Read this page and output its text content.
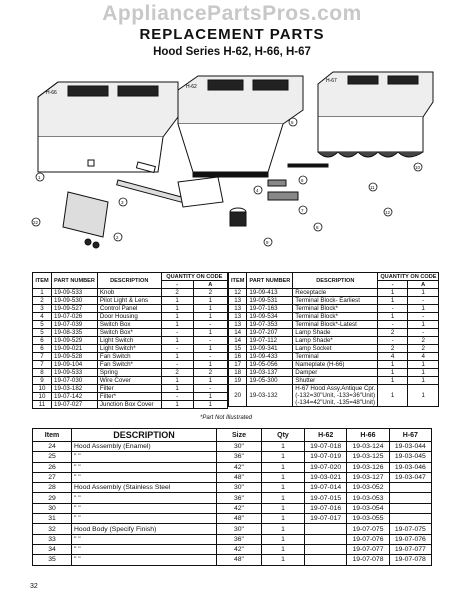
AppliancePartsPros.com
REPLACEMENT PARTS
Hood Series H-62, H-66, H-67
H-66
H-62
H-67
1
2
3
4
5
6
7
8
9
10
11
12
22
ITEM	PART NUMBER	DESCRIPTION	QUANTITY ON CODE	
			-	A
1	19-09-533	Knob	2	2
2	19-09-530	Pilot Light & Lens	1	1
3	19-09-527	Control Panel	1	1
4	19-07-026	Door Housing	1	1
5	19-07-039	Switch Box	1	-
5	19-08-335	Switch Box*	-	1
6	19-09-529	Light Switch	1	-
6	19-09-021	Light Switch*	-	1
7	19-09-528	Fan Switch	1	-
7	19-09-104	Fan Switch*	-	1
8	19-09-533	Spring	2	2
9	19-07-030	Wire Cover	1	1
10	19-03-182	Filter	1	-
10	19-07-142	Filter*	-	1
11	19-07-027	Junction Box Cover	1	1
ITEM	PART NUMBER	DESCRIPTION	QUANTITY ON CODE	
			-	A
12	19-09-413	Receptacle	1	1
13	19-09-531	Terminal Block- Earliest	1	-
13	19-07-163	Terminal Block*	-	1
13	19-09-534	Terminal Block*	1	-
13	19-07-353	Terminal Block*-Latest	-	1
14	19-07-207	Lamp Shade	2	-
14	19-07-112	Lamp Shade*	-	2
15	19-09-341	Lamp Socket	2	2
16	19-09-433	Terminal	4	4
17	19-05-056	Nameplate (H-66)	1	1
18	19-03-137	Damper	1	1
19	19-05-300	Shutter	1	1
20	19-03-132	H-67 Hood Assy.Antique Cpr.
(-132=30"Unit, -133=36"Unit)
(-134=42"Unit, -135=48"Unit)	1	1
*Part Not Illustrated
Item	DESCRIPTION	Size	Qty	H-62	H-66	H-67
24	Hood Assembly (Enamel)	30"	1	19-07-018	19-03-124	19-03-044
25	" "	36"	1	19-07-019	19-03-125	19-03-045
26	" "	42"	1	19-07-020	19-03-126	19-03-046
27	" "	48"	1	19-03-021	19-03-127	19-03-047
28	Hood Assembly (Stainless Steel	30"	1	19-07-014	19-03-052	
29	" "	36"	1	19-07-015	19-03-053	
30	" "	42"	1	19-07-016	19-03-054	
31	" "	48"	1	19-07-017	19-03-055	
32	Hood Body (Specify Finish)	30"	1		19-07-075	19-07-075
33	" "	36"	1		19-07-076	19-07-076
34	" "	42"	1		19-07-077	19-07-077
35	" "	48"	1		19-07-078	19-07-078
32
